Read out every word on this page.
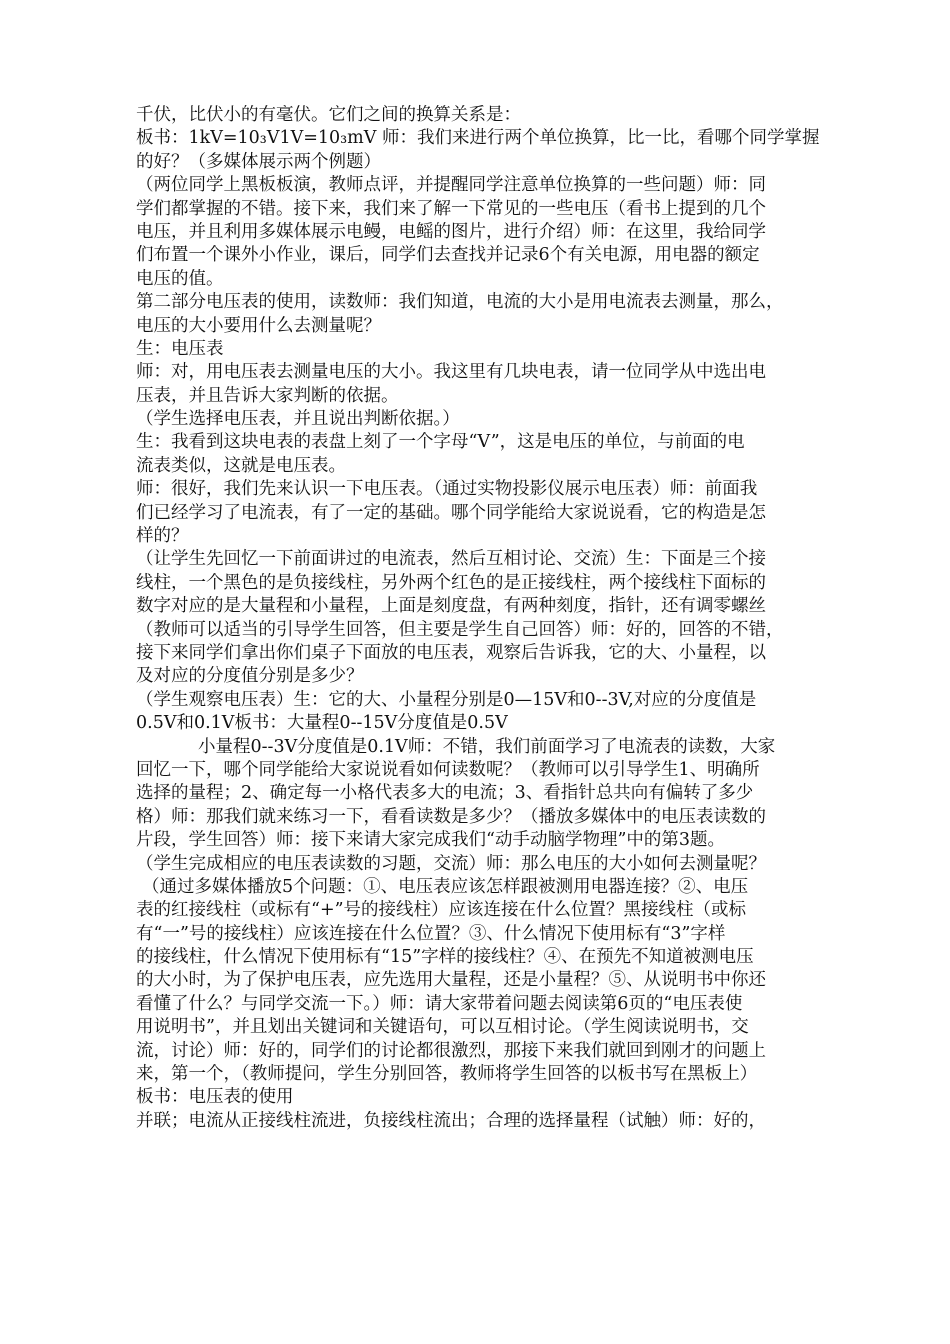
千伏，比伏小的有毫伏。它们之间的换算关系是：
板书：1kV=10₃V1V=10₃mV 师：我们来进行两个单位换算，比一比，看哪个同学掌握
的好？（多媒体展示两个例题）
（两位同学上黑板板演，教师点评，并提醒同学注意单位换算的一些问题）师：同
学们都掌握的不错。接下来，我们来了解一下常见的一些电压（看书上提到的几个
电压，并且利用多媒体展示电鳗，电鳐的图片，进行介绍）师：在这里，我给同学
们布置一个课外小作业，课后，同学们去查找并记录6个有关电源，用电器的额定
电压的值。
第二部分电压表的使用，读数师：我们知道，电流的大小是用电流表去测量，那么，
电压的大小要用什么去测量呢？
生：电压表
师：对，用电压表去测量电压的大小。我这里有几块电表，请一位同学从中选出电
压表，并且告诉大家判断的依据。
（学生选择电压表，并且说出判断依据。）
生：我看到这块电表的表盘上刻了一个字母“V”，这是电压的单位，与前面的电
流表类似，这就是电压表。
师：很好，我们先来认识一下电压表。（通过实物投影仪展示电压表）师：前面我
们已经学习了电流表，有了一定的基础。哪个同学能给大家说说看，它的构造是怎
样的？
（让学生先回忆一下前面讲过的电流表，然后互相讨论、交流）生：下面是三个接
线柱，一个黑色的是负接线柱，另外两个红色的是正接线柱，两个接线柱下面标的
数字对应的是大量程和小量程，上面是刻度盘，有两种刻度，指针，还有调零螺丝
（教师可以适当的引导学生回答，但主要是学生自己回答）师：好的，回答的不错，
接下来同学们拿出你们桌子下面放的电压表，观察后告诉我，它的大、小量程，以
及对应的分度值分别是多少？
（学生观察电压表）生：它的大、小量程分别是0—15V和0--3V,对应的分度值是
0.5V和0.1V板书：大量程0--15V分度值是0.5V
小量程0--3V分度值是0.1V师：不错，我们前面学习了电流表的读数，大家
回忆一下，哪个同学能给大家说说看如何读数呢？（教师可以引导学生1、明确所
选择的量程；2、确定每一小格代表多大的电流；3、看指针总共向有偏转了多少
格）师：那我们就来练习一下，看看读数是多少？（播放多媒体中的电压表读数的
片段，学生回答）师：接下来请大家完成我们“动手动脑学物理”中的第3题。
（学生完成相应的电压表读数的习题，交流）师：那么电压的大小如何去测量呢？
（通过多媒体播放5个问题：①、电压表应该怎样跟被测用电器连接？②、电压
表的红接线柱（或标有“+”号的接线柱）应该连接在什么位置？黑接线柱（或标
有“一”号的接线柱）应该连接在什么位置？③、什么情况下使用标有“3”字样
的接线柱，什么情况下使用标有“15”字样的接线柱？④、在预先不知道被测电压
的大小时，为了保护电压表，应先选用大量程，还是小量程？⑤、从说明书中你还
看懂了什么？与同学交流一下。）师：请大家带着问题去阅读第6页的“电压表使
用说明书”，并且划出关键词和关键语句，可以互相讨论。（学生阅读说明书，交
流，讨论）师：好的，同学们的讨论都很激烈，那接下来我们就回到刚才的问题上
来，第一个，（教师提问，学生分别回答，教师将学生回答的以板书写在黑板上）
板书：电压表的使用
并联；电流从正接线柱流进，负接线柱流出；合理的选择量程（试触）师：好的，
